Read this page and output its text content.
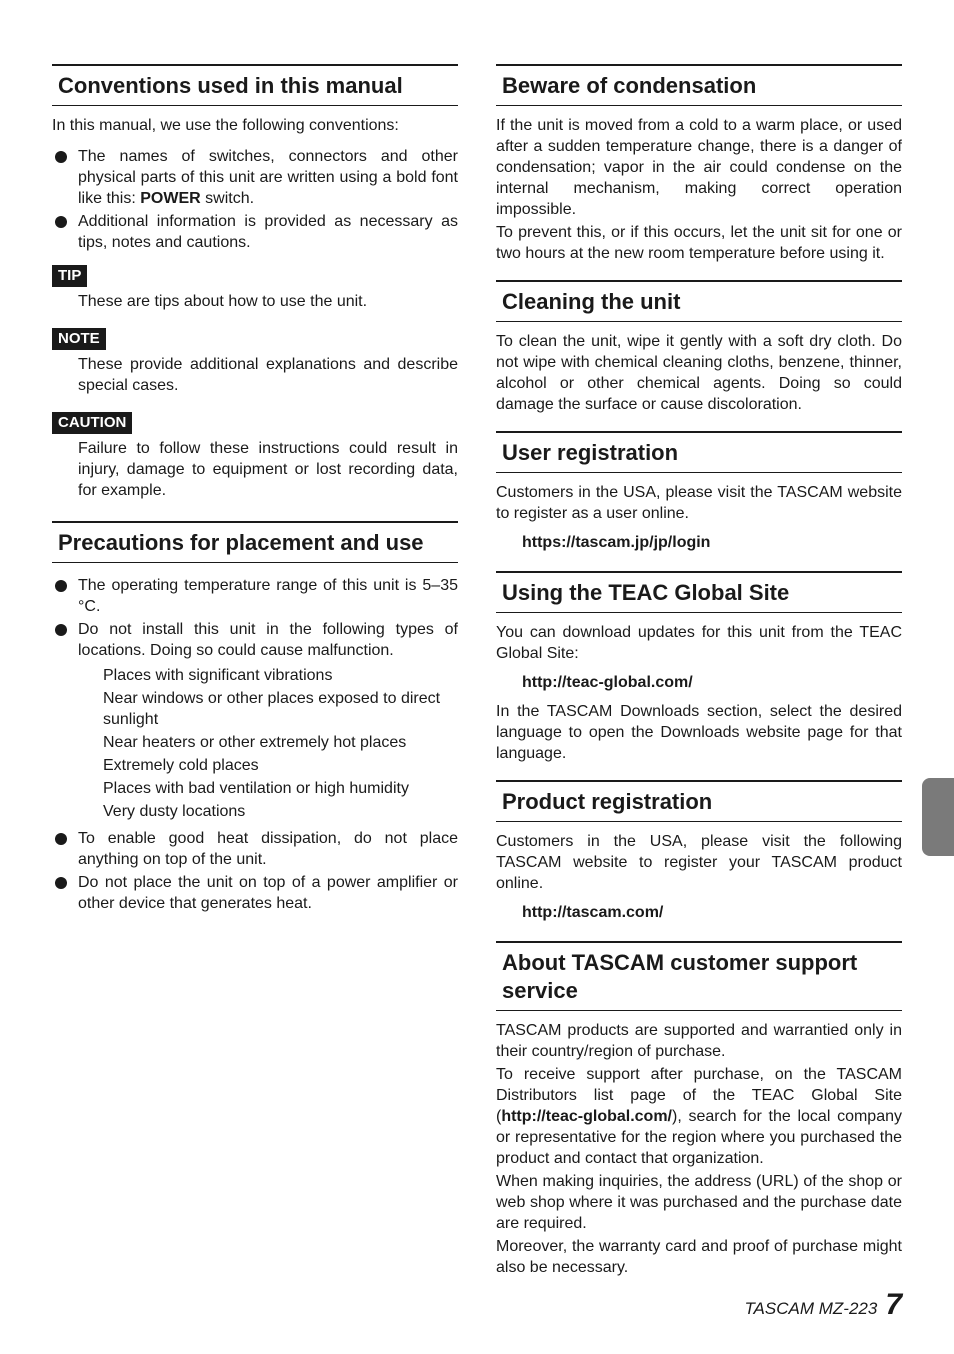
Conventions used in this manual

In this manual, we use the following conventions:

The names of switches, connectors and other physical parts of this unit are written using a bold font like this: POWER switch.
Additional information is provided as necessary as tips, notes and cautions.
TIP

These are tips about how to use the unit.

NOTE

These provide additional explanations and describe special cases.

CAUTION

Failure to follow these instructions could result in injury, damage to equipment or lost recording data, for example.

Precautions for placement and use
The operating temperature range of this unit is 5–35 °C.
Do not install this unit in the following types of locations. Doing so could cause malfunction.
Places with significant vibrations
Near windows or other places exposed to direct sunlight
Near heaters or other extremely hot places
Extremely cold places
Places with bad ventilation or high humidity
Very dusty locations
To enable good heat dissipation, do not place anything on top of the unit.
Do not place the unit on top of a power amplifier or other device that generates heat.
Beware of condensation

If the unit is moved from a cold to a warm place, or used after a sudden temperature change, there is a danger of condensation; vapor in the air could condense on the internal mechanism, making correct operation impossible.

To prevent this, or if this occurs, let the unit sit for one or two hours at the new room temperature before using it.

Cleaning the unit

To clean the unit, wipe it gently with a soft dry cloth. Do not wipe with chemical cleaning cloths, benzene, thinner, alcohol or other chemical agents. Doing so could damage the surface or cause discoloration.

User registration

Customers in the USA, please visit the TASCAM website to register as a user online.

https://tascam.jp/jp/login
Using the TEAC Global Site

You can download updates for this unit from the TEAC Global Site:

http://teac-global.com/

In the TASCAM Downloads section, select the desired language to open the Downloads website page for that language.

Product registration

Customers in the USA, please visit the following TASCAM website to register your TASCAM product online.

http://tascam.com/
About TASCAM customer support service

TASCAM products are supported and warrantied only in their country/region of purchase.

To receive support after purchase, on the TASCAM Distributors list page of the TEAC Global Site (http://teac-global.com/), search for the local company or representative for the region where you purchased the product and contact that organization.

When making inquiries, the address (URL) of the shop or web shop where it was purchased and the purchase date are required.

Moreover, the warranty card and proof of purchase might also be necessary.

TASCAM MZ-223 7
